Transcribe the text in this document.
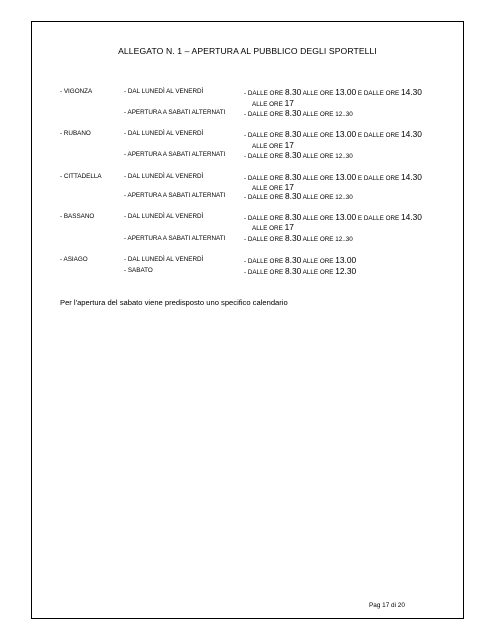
ALLEGATO N. 1 – APERTURA AL PUBBLICO DEGLI SPORTELLI
- VIGONZA	- DAL LUNEDÌ AL VENERDÌ	- DALLE ORE 8.30 ALLE ORE 13.00 E DALLE ORE 14.30
ALLE ORE 17
- APERTURA A SABATI ALTERNATI	- DALLE ORE 8.30 ALLE ORE 12..30
- RUBANO	- DAL LUNEDÌ AL VENERDÌ	- DALLE ORE 8.30 ALLE ORE 13.00 E DALLE ORE 14.30
ALLE ORE 17
- APERTURA A SABATI ALTERNATI	- DALLE ORE 8.30 ALLE ORE 12..30
- CITTADELLA	- DAL LUNEDÌ AL VENERDÌ	- DALLE ORE 8.30 ALLE ORE 13.00 E DALLE ORE 14.30
ALLE ORE 17
- APERTURA A SABATI ALTERNATI	- DALLE ORE 8.30 ALLE ORE 12..30
- BASSANO	- DAL LUNEDÌ AL VENERDÌ	- DALLE ORE 8.30 ALLE ORE 13.00 E DALLE ORE 14.30
ALLE ORE 17
- APERTURA A SABATI ALTERNATI	- DALLE ORE 8.30 ALLE ORE 12..30
- ASIAGO	- DAL LUNEDÌ AL VENERDÌ	- DALLE ORE 8.30 ALLE ORE 13.00
- SABATO	- DALLE ORE 8.30 ALLE ORE 12.30
Per l'apertura del sabato viene predisposto uno specifico calendario
Pag 17 di 20
